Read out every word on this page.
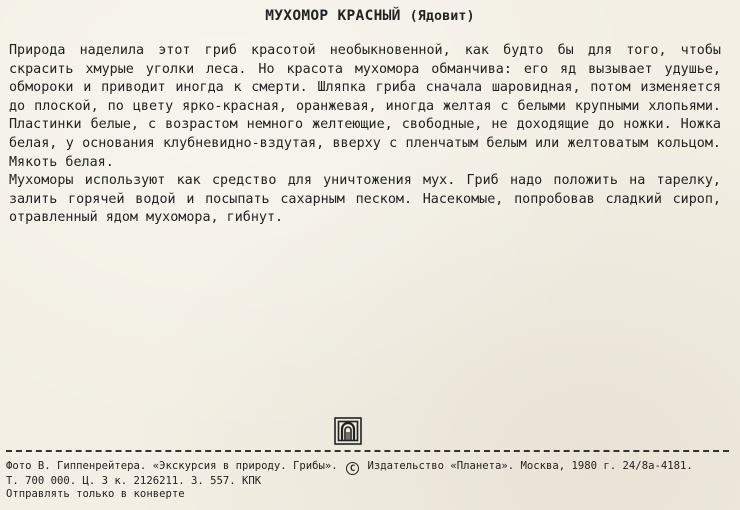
МУХОМОР КРАСНЫЙ (Ядовит)

Природа наделила этот гриб красотой необыкновенной, как будто бы для того, чтобы скрасить хмурые уголки леса. Но красота мухомора обманчива: его яд вызывает удушье, обмороки и приводит иногда к смерти. Шляпка гриба сначала шаровидная, потом изменяется до плоской, по цвету ярко-красная, оранжевая, иногда желтая с белыми крупными хлопьями. Пластинки белые, с возрастом немного желтеющие, свободные, не доходящие до ножки. Ножка белая, у основания клубневидно-вздутая, вверху с пленчатым белым или желтоватым кольцом. Мякоть белая.

Мухоморы используют как средство для уничтожения мух. Гриб надо положить на тарелку, залить горячей водой и посыпать сахарным песком. Насекомые, попробовав сладкий сироп, отравленный ядом мухомора, гибнут.

Фото В. Гиппенрейтера. «Экскурсия в природу. Грибы». C Издательство «Планета». Москва, 1980 г. 24/8а-4181.
Т. 700 000. Ц. 3 к. 2126211. З. 557. КПК
Отправлять только в конверте
